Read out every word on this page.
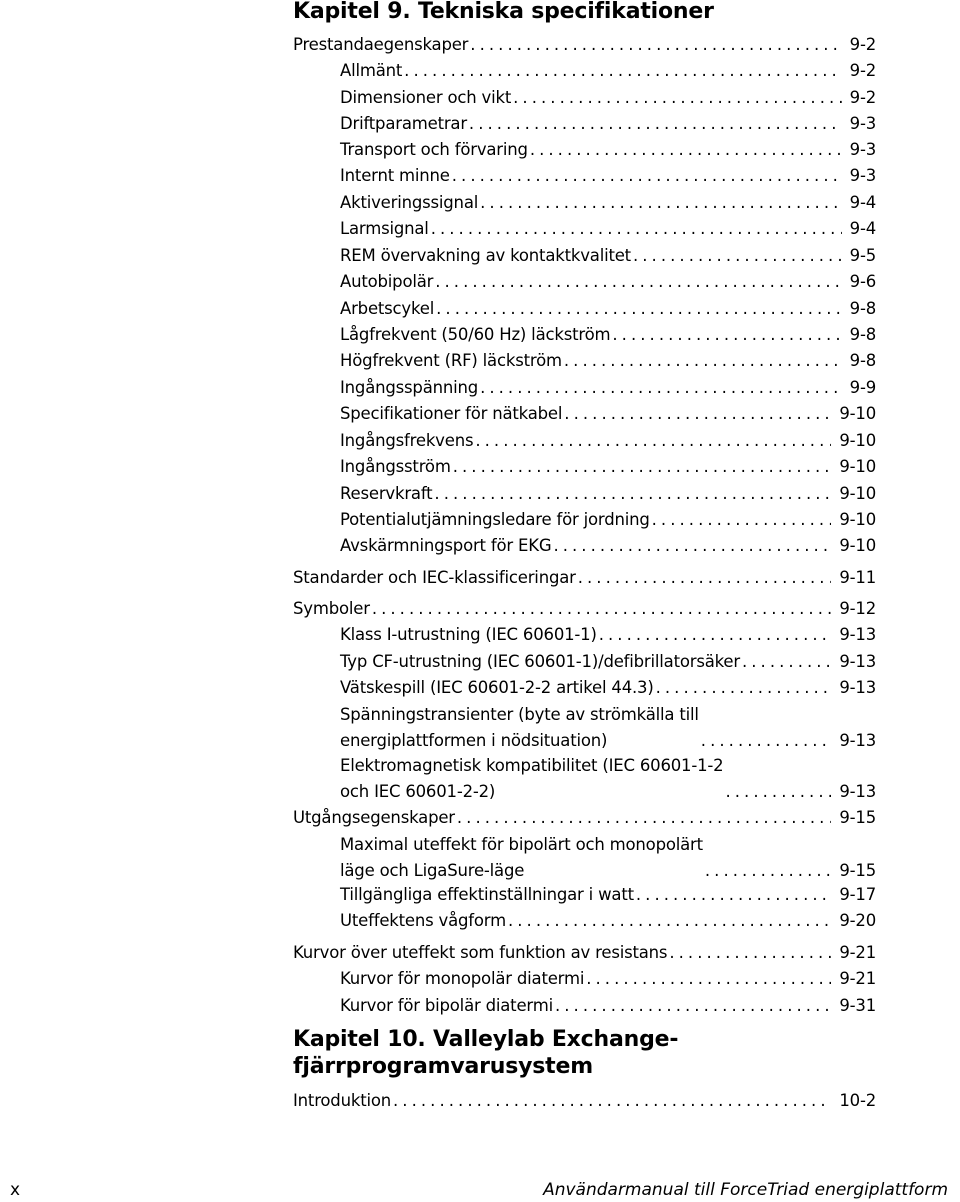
Kapitel 9. Tekniska specifikationer
Prestandaegenskaper . . .	9-2
Allmänt . . .	9-2
Dimensioner och vikt . . .	9-2
Driftparametrar . . .	9-3
Transport och förvaring . . .	9-3
Internt minne . . .	9-3
Aktiveringssignal . . .	9-4
Larmsignal . . .	9-4
REM övervakning av kontaktkvalitet . . .	9-5
Autobipolär . . .	9-6
Arbetscykel . . .	9-8
Lågfrekvent (50/60 Hz) läckström . . .	9-8
Högfrekvent (RF) läckström . . .	9-8
Ingångsspänning . . .	9-9
Specifikationer för nätkabel . . .	9-10
Ingångsfrekvens . . .	9-10
Ingångsström . . .	9-10
Reservkraft . . .	9-10
Potentialutjämningsledare för jordning . . .	9-10
Avskärmningsport för EKG . . .	9-10
Standarder och IEC-klassificeringar . . .	9-11
Symboler . . .	9-12
Klass I-utrustning (IEC 60601-1) . . .	9-13
Typ CF-utrustning (IEC 60601-1)/defibrillatorsäker . . .	9-13
Vätskespill (IEC 60601-2-2 artikel 44.3) . . .	9-13
Spänningstransienter (byte av strömkälla till
energiplattformen i nödsituation) . . .	9-13
Elektromagnetisk kompatibilitet (IEC 60601-1-2
och IEC 60601-2-2) . . .	9-13
Utgångsegenskaper . . .	9-15
Maximal uteffekt för bipolärt och monopolärt
läge och LigaSure-läge . . .	9-15
Tillgängliga effektinställningar i watt . . .	9-17
Uteffektens vågform . . .	9-20
Kurvor över uteffekt som funktion av resistans . . .	9-21
Kurvor för monopolär diatermi . . .	9-21
Kurvor för bipolär diatermi . . .	9-31
Kapitel 10. Valleylab Exchange-
fjärrprogramvarusystem
Introduktion . . .	10-2
x	Användarmanual till ForceTriad energiplattform
